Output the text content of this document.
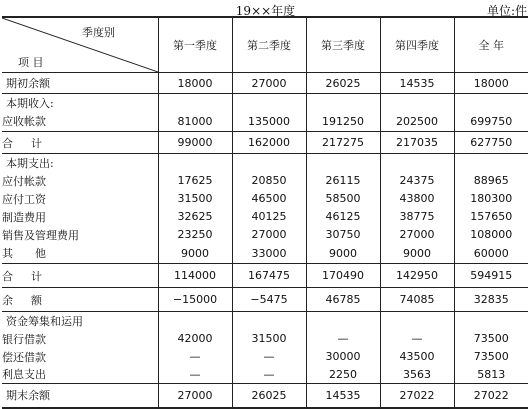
19××年度	单位:件
季度别
项 目	第一季度	第二季度	第三季度	第四季度	全 年
期初余额	18000	27000	26025	14535	18000
本期收入:					
应收帐款	81000	135000	191250	202500	699750
合计	99000	162000	217275	217035	627750
本期支出:					
应付帐款	17625	20850	26115	24375	88965
应付工资	31500	46500	58500	43800	180300
制造费用	32625	40125	46125	38775	157650
销售及管理费用	23250	27000	30750	27000	108000
其他	9000	33000	9000	9000	60000
合计	114000	167475	170490	142950	594915
余额	−15000	−5475	46785	74085	32835
资金筹集和运用					
银行借款	42000	31500	—	—	73500
偿还借款	—	—	30000	43500	73500
利息支出	—	—	2250	3563	5813
期末余额	27000	26025	14535	27022	27022
